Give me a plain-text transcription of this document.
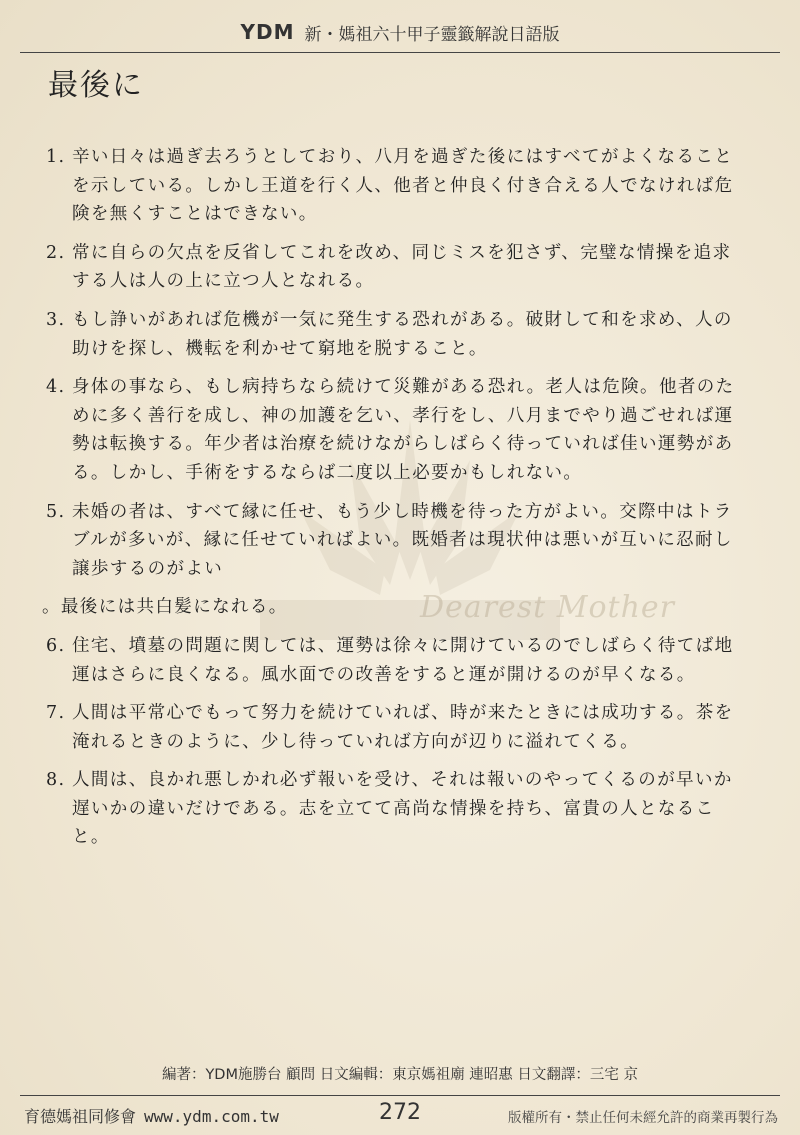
YDM 新・媽祖六十甲子靈籤解說日語版
最後に
Dearest Mother
1. 辛い日々は過ぎ去ろうとしており、八月を過ぎた後にはすべてがよくなることを示している。しかし王道を行く人、他者と仲良く付き合える人でなければ危険を無くすことはできない。
2. 常に自らの欠点を反省してこれを改め、同じミスを犯さず、完璧な情操を追求する人は人の上に立つ人となれる。
3. もし諍いがあれば危機が一気に発生する恐れがある。破財して和を求め、人の助けを探し、機転を利かせて窮地を脱すること。
4. 身体の事なら、もし病持ちなら続けて災難がある恐れ。老人は危険。他者のために多く善行を成し、神の加護を乞い、孝行をし、八月までやり過ごせれば運勢は転換する。年少者は治療を続けながらしばらく待っていれば佳い運勢がある。しかし、手術をするならば二度以上必要かもしれない。
5. 未婚の者は、すべて縁に任せ、もう少し時機を待った方がよい。交際中はトラブルが多いが、縁に任せていればよい。既婚者は現状仲は悪いが互いに忍耐し譲歩するのがよい
。最後には共白髪になれる。
6. 住宅、墳墓の問題に関しては、運勢は徐々に開けているのでしばらく待てば地運はさらに良くなる。風水面での改善をすると運が開けるのが早くなる。
7. 人間は平常心でもって努力を続けていれば、時が来たときには成功する。茶を淹れるときのように、少し待っていれば方向が辺りに溢れてくる。
8. 人間は、良かれ悪しかれ必ず報いを受け、それは報いのやってくるのが早いか遅いかの違いだけである。志を立てて高尚な情操を持ち、富貴の人となること。
編著：YDM施勝台 顧問 日文編輯：東京媽祖廟 連昭惠 日文翻譯：三宅 京
育德媽祖同修會 www.ydm.com.tw	272	版權所有・禁止任何未經允許的商業再製行為
